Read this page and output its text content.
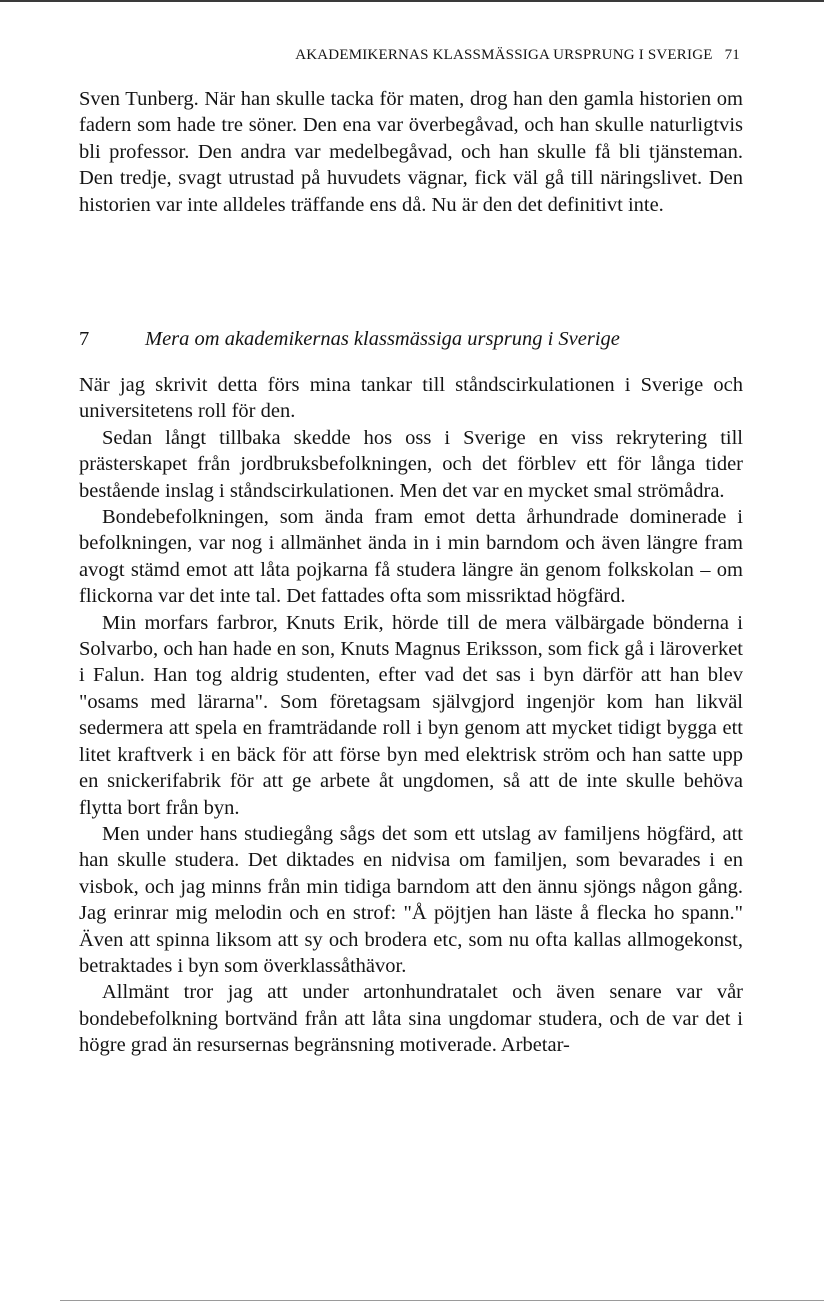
AKADEMIKERNAS KLASSMÄSSIGA URSPRUNG I SVERIGE 71
Sven Tunberg. När han skulle tacka för maten, drog han den gamla historien om fadern som hade tre söner. Den ena var överbegåvad, och han skulle naturligtvis bli professor. Den andra var medelbegåvad, och han skulle få bli tjänsteman. Den tredje, svagt utrustad på huvudets vägnar, fick väl gå till näringslivet. Den historien var inte alldeles träffande ens då. Nu är den det definitivt inte.
7	Mera om akademikernas klassmässiga ursprung i Sverige

När jag skrivit detta förs mina tankar till ståndscirkulationen i Sverige och universitetens roll för den.

Sedan långt tillbaka skedde hos oss i Sverige en viss rekrytering till prästerskapet från jordbruksbefolkningen, och det förblev ett för långa tider bestående inslag i ståndscirkulationen. Men det var en mycket smal strömådra.

Bondebefolkningen, som ända fram emot detta århundrade dominerade i befolkningen, var nog i allmänhet ända in i min barndom och även längre fram avogt stämd emot att låta pojkarna få studera längre än genom folkskolan – om flickorna var det inte tal. Det fattades ofta som missriktad högfärd.

Min morfars farbror, Knuts Erik, hörde till de mera välbärgade bönderna i Solvarbo, och han hade en son, Knuts Magnus Eriksson, som fick gå i läroverket i Falun. Han tog aldrig studenten, efter vad det sas i byn därför att han blev "osams med lärarna". Som företagsam självgjord ingenjör kom han likväl sedermera att spela en framträdande roll i byn genom att mycket tidigt bygga ett litet kraftverk i en bäck för att förse byn med elektrisk ström och han satte upp en snickerifabrik för att ge arbete åt ungdomen, så att de inte skulle behöva flytta bort från byn.

Men under hans studiegång sågs det som ett utslag av familjens högfärd, att han skulle studera. Det diktades en nidvisa om familjen, som bevarades i en visbok, och jag minns från min tidiga barndom att den ännu sjöngs någon gång. Jag erinrar mig melodin och en strof: "Å pöjtjen han läste å flecka ho spann." Även att spinna liksom att sy och brodera etc, som nu ofta kallas allmogekonst, betraktades i byn som överklassåthävor.

Allmänt tror jag att under artonhundratalet och även senare var vår bondebefolkning bortvänd från att låta sina ungdomar studera, och de var det i högre grad än resursernas begränsning motiverade. Arbetar-
